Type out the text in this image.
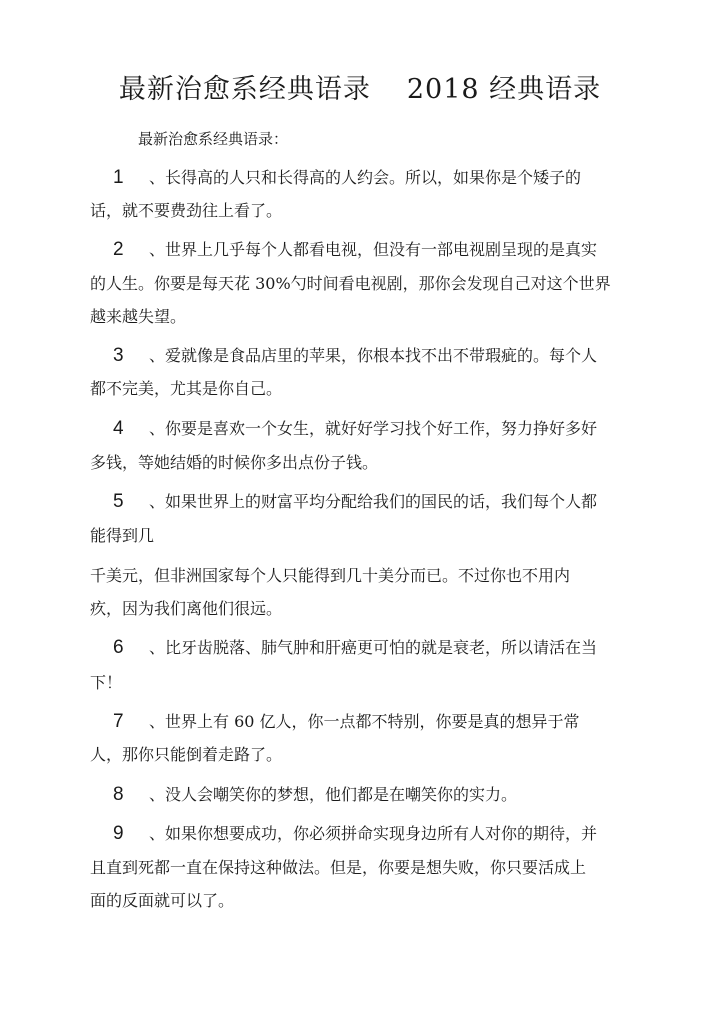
最新治愈系经典语录 2018 经典语录
最新治愈系经典语录：
1 、长得高的人只和长得高的人约会。所以，如果你是个矮子的
话，就不要费劲往上看了。
2 、世界上几乎每个人都看电视，但没有一部电视剧呈现的是真实
的人生。你要是每天花 30%勺时间看电视剧，那你会发现自己对这个世界
越来越失望。
3 、爱就像是食品店里的苹果，你根本找不出不带瑕疵的。每个人
都不完美，尤其是你自己。
4 、你要是喜欢一个女生，就好好学习找个好工作，努力挣好多好
多钱，等她结婚的时候你多出点份子钱。
5 、如果世界上的财富平均分配给我们的国民的话，我们每个人都
能得到几
千美元，但非洲国家每个人只能得到几十美分而已。不过你也不用内
疚，因为我们离他们很远。
6 、比牙齿脱落、肺气肿和肝癌更可怕的就是衰老，所以请活在当
下！
7 、世界上有 60 亿人，你一点都不特别，你要是真的想异于常
人，那你只能倒着走路了。
8 、没人会嘲笑你的梦想，他们都是在嘲笑你的实力。
9 、如果你想要成功，你必须拼命实现身边所有人对你的期待，并
且直到死都一直在保持这种做法。但是，你要是想失败，你只要活成上
面的反面就可以了。
